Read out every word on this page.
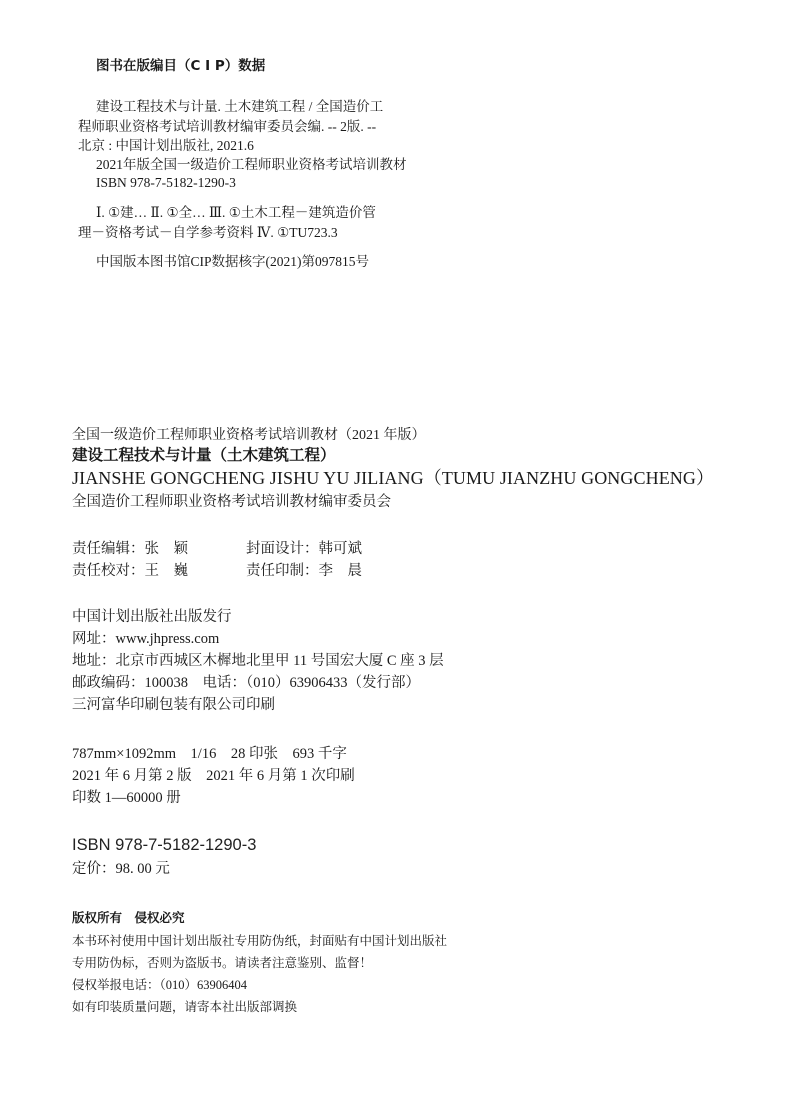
图书在版编目（C I P）数据
建设工程技术与计量. 土木建筑工程 / 全国造价工
程师职业资格考试培训教材编审委员会编. -- 2版. --
北京 : 中国计划出版社, 2021.6
2021年版全国一级造价工程师职业资格考试培训教材
ISBN 978-7-5182-1290-3
Ⅰ. ①建… Ⅱ. ①全… Ⅲ. ①土木工程－建筑造价管
理－资格考试－自学参考资料 Ⅳ. ①TU723.3
中国版本图书馆CIP数据核字(2021)第097815号
全国一级造价工程师职业资格考试培训教材（2021 年版）
建设工程技术与计量（土木建筑工程）
JIANSHE GONGCHENG JISHU YU JILIANG（TUMU JIANZHU GONGCHENG）
全国造价工程师职业资格考试培训教材编审委员会
责任编辑：张　颖	封面设计：韩可斌
责任校对：王　巍	责任印制：李　晨
中国计划出版社出版发行
网址：www.jhpress.com
地址：北京市西城区木樨地北里甲 11 号国宏大厦 C 座 3 层
邮政编码：100038　电话：（010）63906433（发行部）
三河富华印刷包装有限公司印刷
787mm×1092mm　1/16　28 印张　693 千字
2021 年 6 月第 2 版　2021 年 6 月第 1 次印刷
印数 1—60000 册
ISBN 978-7-5182-1290-3
定价：98. 00 元
版权所有　侵权必究
本书环衬使用中国计划出版社专用防伪纸，封面贴有中国计划出版社
专用防伪标，否则为盗版书。请读者注意鉴别、监督！
侵权举报电话：（010）63906404
如有印装质量问题，请寄本社出版部调换
